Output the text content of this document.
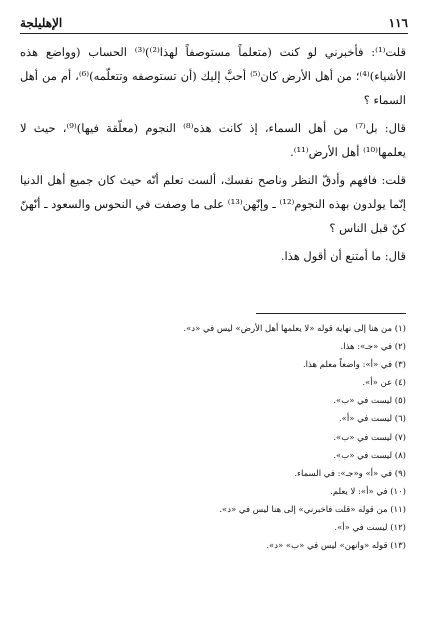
١١٦
الإهليلجة

قلت⁽¹⁾: فأخبرني لو كنت (متعلماً مستوصفاً لهذا⁽²⁾)⁽³⁾ الحساب (وواضع هذه الأشياء)⁽⁴⁾؛ من أهل الأرض كان⁽⁵⁾ أحبَّ إليك (أن تستوصفه وتتعلّمه)⁽⁶⁾، أم من أهل السماء ؟

قال: بل⁽⁷⁾ من أهل السماء، إذ كانت هذه⁽⁸⁾ النجوم (معلّقة فيها)⁽⁹⁾، حيث لا يعلمها⁽¹⁰⁾ أهل الأرض⁽¹¹⁾.

قلت: فافهم وأدقّ النظر وناصح نفسك، ألست تعلم أنّه حيث كان جميع أهل الدنيا إنّما يولدون بهذه النجوم⁽¹²⁾ ـ وإنّهن⁽¹³⁾ على ما وصفت في النحوس والسعود ـ أنّهنّ كنّ قبل الناس ؟

قال: ما أمتنع أن أقول هذا.

(١) من هنا إلى نهاية قوله «لا يعلمها أهل الأرض» ليس في «د».
(٢) في «جـ»: هذا.
(٣) في «أ»: واضعاً معلم هذا.
(٤) عن «أ».
(٥) ليست في «ب».
(٦) ليست في «أ».
(٧) ليست في «ب».
(٨) ليست في «ب».
(٩) في «أ» و«جـ»: في السماء.
(١٠) في «أ»: لا يعلم.
(١١) من قوله «قلت فاخبرني» إلى هنا ليس في «د».
(١٢) ليست في «أ».
(١٣) قوله «وانهن» ليس في «ب» «د».
